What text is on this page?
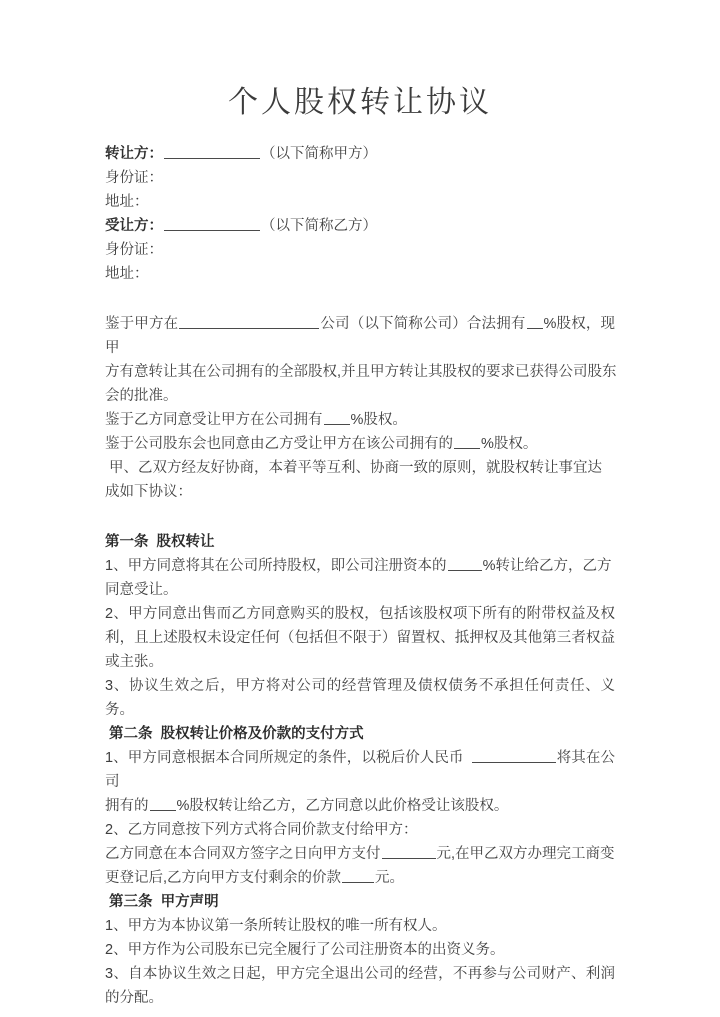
个人股权转让协议

转让方：	（以下简称甲方）

身份证：

地址：

受让方：	（以下简称乙方）

身份证：

地址：

鉴于甲方在	公司（以下简称公司）合法拥有 %股权，现甲

方有意转让其在公司拥有的全部股权,并且甲方转让其股权的要求已获得公司股东

会的批准。

鉴于乙方同意受让甲方在公司拥有 %股权。

鉴于公司股东会也同意由乙方受让甲方在该公司拥有的 %股权。

甲、乙双方经友好协商，本着平等互利、协商一致的原则，就股权转让事宜达

成如下协议：

第一条  股权转让

1、甲方同意将其在公司所持股权，即公司注册资本的 %转让给乙方，乙方

同意受让。

2、甲方同意出售而乙方同意购买的股权，包括该股权项下所有的附带权益及权利，且上述股权未设定任何（包括但不限于）留置权、抵押权及其他第三者权益或主张。

3、协议生效之后，甲方将对公司的经营管理及债权债务不承担任何责任、义务。

第二条  股权转让价格及价款的支付方式

1、甲方同意根据本合同所规定的条件，以税后价人民币	将其在公司

拥有的 %股权转让给乙方，乙方同意以此价格受让该股权。

2、乙方同意按下列方式将合同价款支付给甲方：

乙方同意在本合同双方签字之日向甲方支付	元,在甲乙双方办理完工商变

更登记后,乙方向甲方支付剩余的价款 元。

第三条  甲方声明

1、甲方为本协议第一条所转让股权的唯一所有权人。

2、甲方作为公司股东已完全履行了公司注册资本的出资义务。

3、自本协议生效之日起，甲方完全退出公司的经营，不再参与公司财产、利润的分配。
